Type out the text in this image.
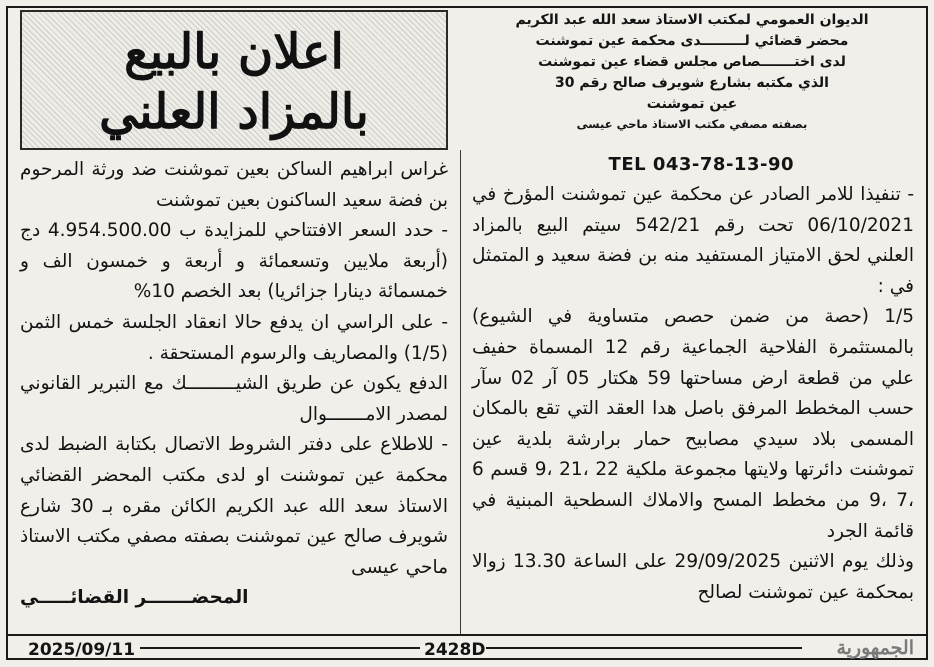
الديوان العمومي لمكتب الاستاذ سعد الله عبد الكريم
محضر قضائي لـــــــــدى محكمة عين تموشنت
لدى اختـــــــصاص مجلس قضاء عين تموشنت
الذي مكتبه بشارع شويرف صالح رقم 30
عين تموشنت
بصفته مصفي مكتب الاستاذ ماحي عيسى
TEL 043-78-13-90
اعلان بالبيع
بالمزاد العلني

- تنفيذا للامر الصادر عن محكمة عين تموشنت المؤرخ في 06/10/2021 تحت رقم 542/21 سيتم البيع بالمزاد العلني لحق الامتياز المستفيد منه بن فضة سعيد و المتمثل في :

1/5 (حصة من ضمن حصص متساوية في الشيوع) بالمستثمرة الفلاحية الجماعية رقم 12 المسماة حفيف علي من قطعة ارض مساحتها 59 هكتار 05 آر 02 سآر حسب المخطط المرفق باصل هدا العقد التي تقع بالمكان المسمى بلاد سيدي مصابيح حمار برارشة بلدية عين تموشنت دائرتها ولايتها مجموعة ملكية 22 ،21 ،9 قسم 6 ،7 ،9 من مخطط المسح والاملاك السطحية المبنية في قائمة الجرد

وذلك يوم الاثنين 29/09/2025 على الساعة 13.30 زوالا بمحكمة عين تموشنت لصالح

غراس ابراهيم الساكن بعين تموشنت ضد ورثة المرحوم بن فضة سعيد الساكنون بعين تموشنت

- حدد السعر الافتتاحي للمزايدة ب 4.954.500.00 دج (أربعة ملايين وتسعمائة و أربعة و خمسون الف و خمسمائة دينارا جزائريا) بعد الخصم 10%

- على الراسي ان يدفع حالا انعقاد الجلسة خمس الثمن (1/5) والمصاريف والرسوم المستحقة .

الدفع يكون عن طريق الشيـــــــــك مع التبرير القانوني لمصدر الامـــــــوال

- للاطلاع على دفتر الشروط الاتصال بكتابة الضبط لدى محكمة عين تموشنت او لدى مكتب المحضر القضائي الاستاذ سعد الله عبد الكريم الكائن مقره بـ 30 شارع شويرف صالح عين تموشنت بصفته مصفي مكتب الاستاذ ماحي عيسى

المحضـــــــر القضائـــــي

2025/09/11	2428D	الجمهورية
